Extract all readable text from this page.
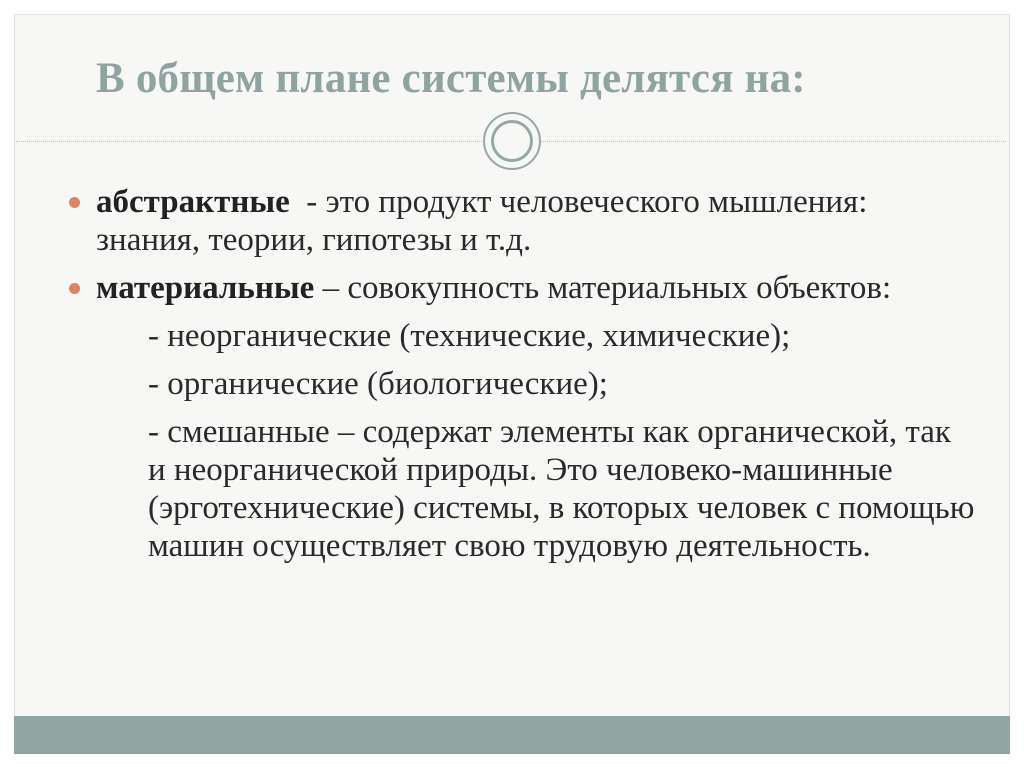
В общем плане системы делятся на:
абстрактные  - это продукт человеческого мышления: знания, теории, гипотезы и т.д.
материальные – совокупность материальных объектов:
- неорганические (технические, химические);
- органические (биологические);
- смешанные – содержат элементы как органической, так и неорганической природы. Это человеко-машинные (эрготехнические) системы, в которых человек с помощью машин осуществляет свою трудовую деятельность.
